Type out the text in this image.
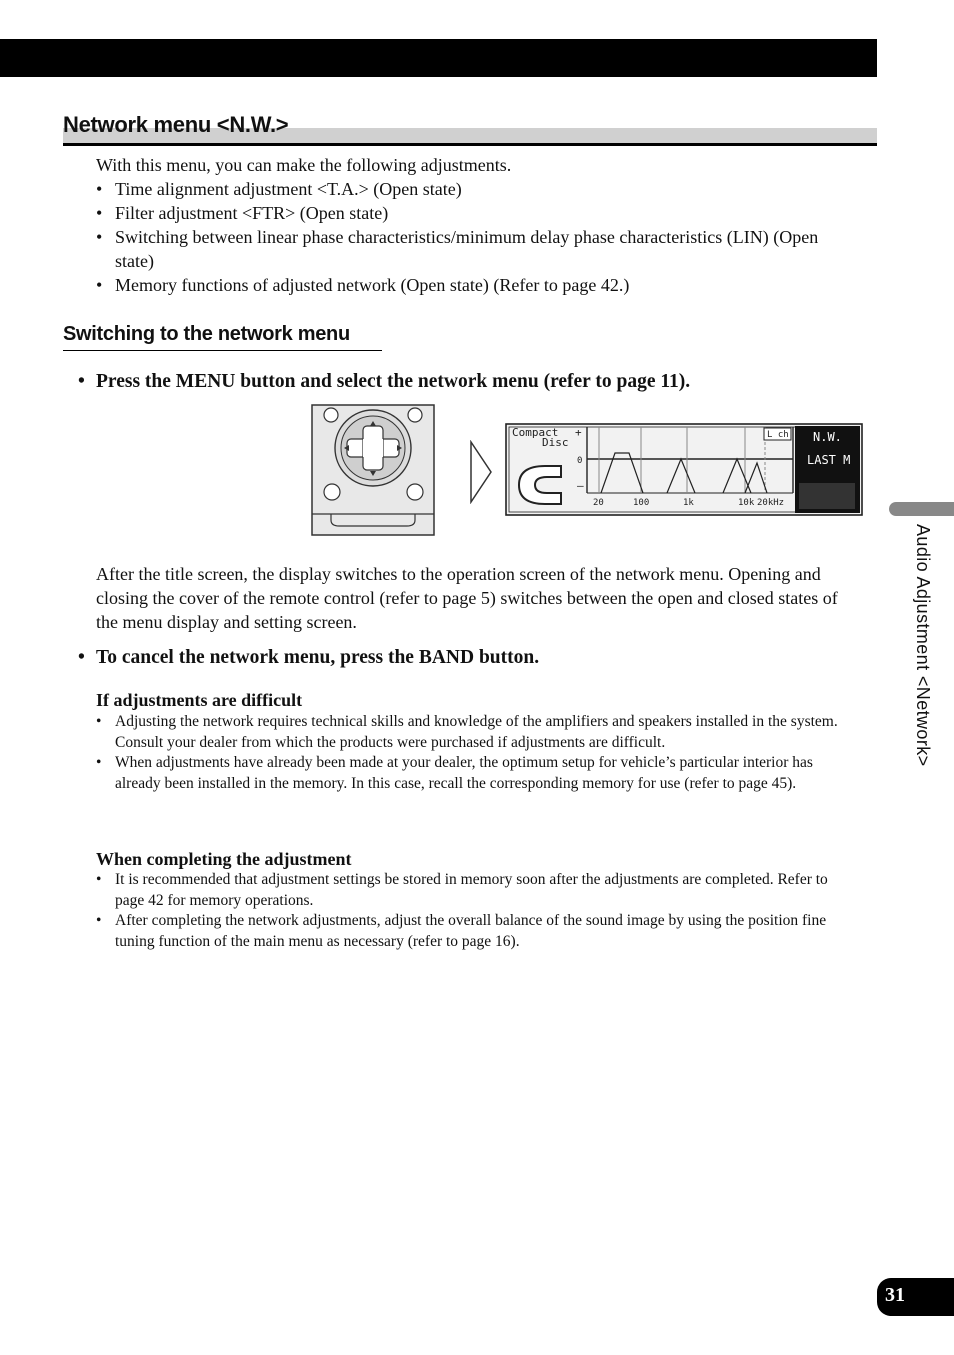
Network menu <N.W.>
With this menu, you can make the following adjustments.
• Time alignment adjustment <T.A.> (Open state)
• Filter adjustment <FTR> (Open state)
• Switching between linear phase characteristics/minimum delay phase characteristics (LIN) (Open state)
• Memory functions of adjusted network (Open state) (Refer to page 42.)
Switching to the network menu
• Press the MENU button and select the network menu (refer to page 11).
Compact
Disc
+
0
–
L ch
20	100	1k	10k 20kHz
N.W.
LAST M
After the title screen, the display switches to the operation screen of the network menu. Opening and closing the cover of the remote control (refer to page 5) switches between the open and closed states of the menu display and setting screen.
• To cancel the network menu, press the BAND button.
If adjustments are difficult
• Adjusting the network requires technical skills and knowledge of the amplifiers and speakers installed in the system. Consult your dealer from which the products were purchased if adjustments are difficult.
• When adjustments have already been made at your dealer, the optimum setup for vehicle’s particular interior has already been installed in the memory. In this case, recall the corresponding memory for use (refer to page 45).
When completing the adjustment
• It is recommended that adjustment settings be stored in memory soon after the adjustments are completed. Refer to page 42 for memory operations.
• After completing the network adjustments, adjust the overall balance of the sound image by using the position fine tuning function of the main menu as necessary (refer to page 16).
Audio Adjustment <Network>
31
